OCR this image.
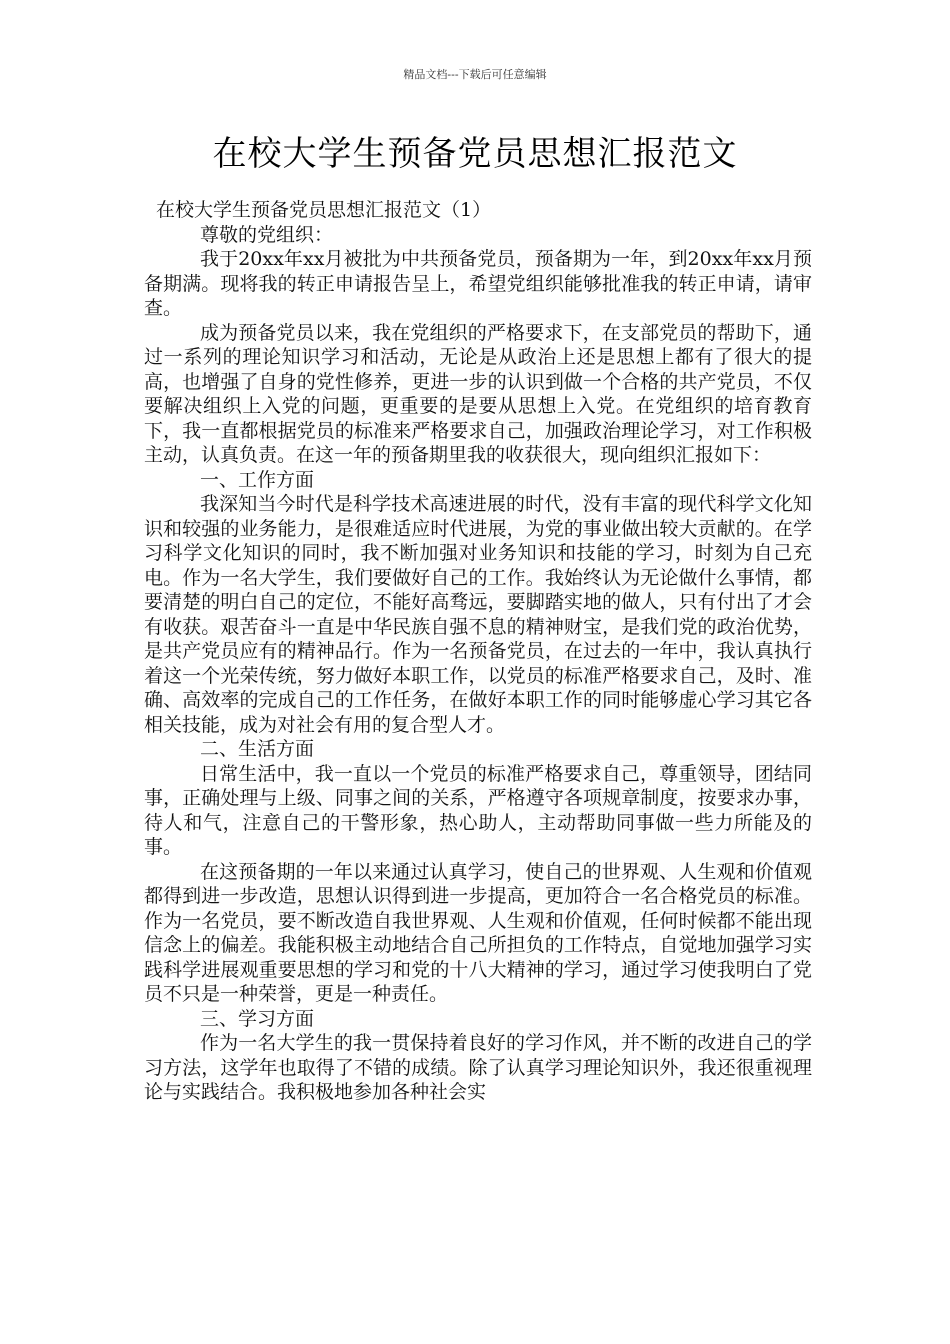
精品文档---下载后可任意编辑
在校大学生预备党员思想汇报范文

在校大学生预备党员思想汇报范文（1）

尊敬的党组织：

我于20xx年xx月被批为中共预备党员，预备期为一年，到20xx年xx月预备期满。现将我的转正申请报告呈上，希望党组织能够批准我的转正申请，请审查。

成为预备党员以来，我在党组织的严格要求下，在支部党员的帮助下，通过一系列的理论知识学习和活动，无论是从政治上还是思想上都有了很大的提高，也增强了自身的党性修养，更进一步的认识到做一个合格的共产党员，不仅要解决组织上入党的问题，更重要的是要从思想上入党。在党组织的培育教育下，我一直都根据党员的标准来严格要求自己，加强政治理论学习，对工作积极主动，认真负责。在这一年的预备期里我的收获很大，现向组织汇报如下：

一、工作方面

我深知当今时代是科学技术高速进展的时代，没有丰富的现代科学文化知识和较强的业务能力，是很难适应时代进展，为党的事业做出较大贡献的。在学习科学文化知识的同时，我不断加强对业务知识和技能的学习，时刻为自己充电。作为一名大学生，我们要做好自己的工作。我始终认为无论做什么事情，都要清楚的明白自己的定位，不能好高骛远，要脚踏实地的做人，只有付出了才会有收获。艰苦奋斗一直是中华民族自强不息的精神财宝，是我们党的政治优势，是共产党员应有的精神品行。作为一名预备党员，在过去的一年中，我认真执行着这一个光荣传统，努力做好本职工作，以党员的标准严格要求自己，及时、准确、高效率的完成自己的工作任务，在做好本职工作的同时能够虚心学习其它各相关技能，成为对社会有用的复合型人才。

二、生活方面

日常生活中，我一直以一个党员的标准严格要求自己，尊重领导，团结同事，正确处理与上级、同事之间的关系，严格遵守各项规章制度，按要求办事，待人和气，注意自己的干警形象，热心助人，主动帮助同事做一些力所能及的事。

在这预备期的一年以来通过认真学习，使自己的世界观、人生观和价值观都得到进一步改造，思想认识得到进一步提高，更加符合一名合格党员的标准。作为一名党员，要不断改造自我世界观、人生观和价值观，任何时候都不能出现信念上的偏差。我能积极主动地结合自己所担负的工作特点，自觉地加强学习实践科学进展观重要思想的学习和党的十八大精神的学习，通过学习使我明白了党员不只是一种荣誉，更是一种责任。

三、学习方面

作为一名大学生的我一贯保持着良好的学习作风，并不断的改进自己的学习方法，这学年也取得了不错的成绩。除了认真学习理论知识外，我还很重视理论与实践结合。我积极地参加各种社会实
